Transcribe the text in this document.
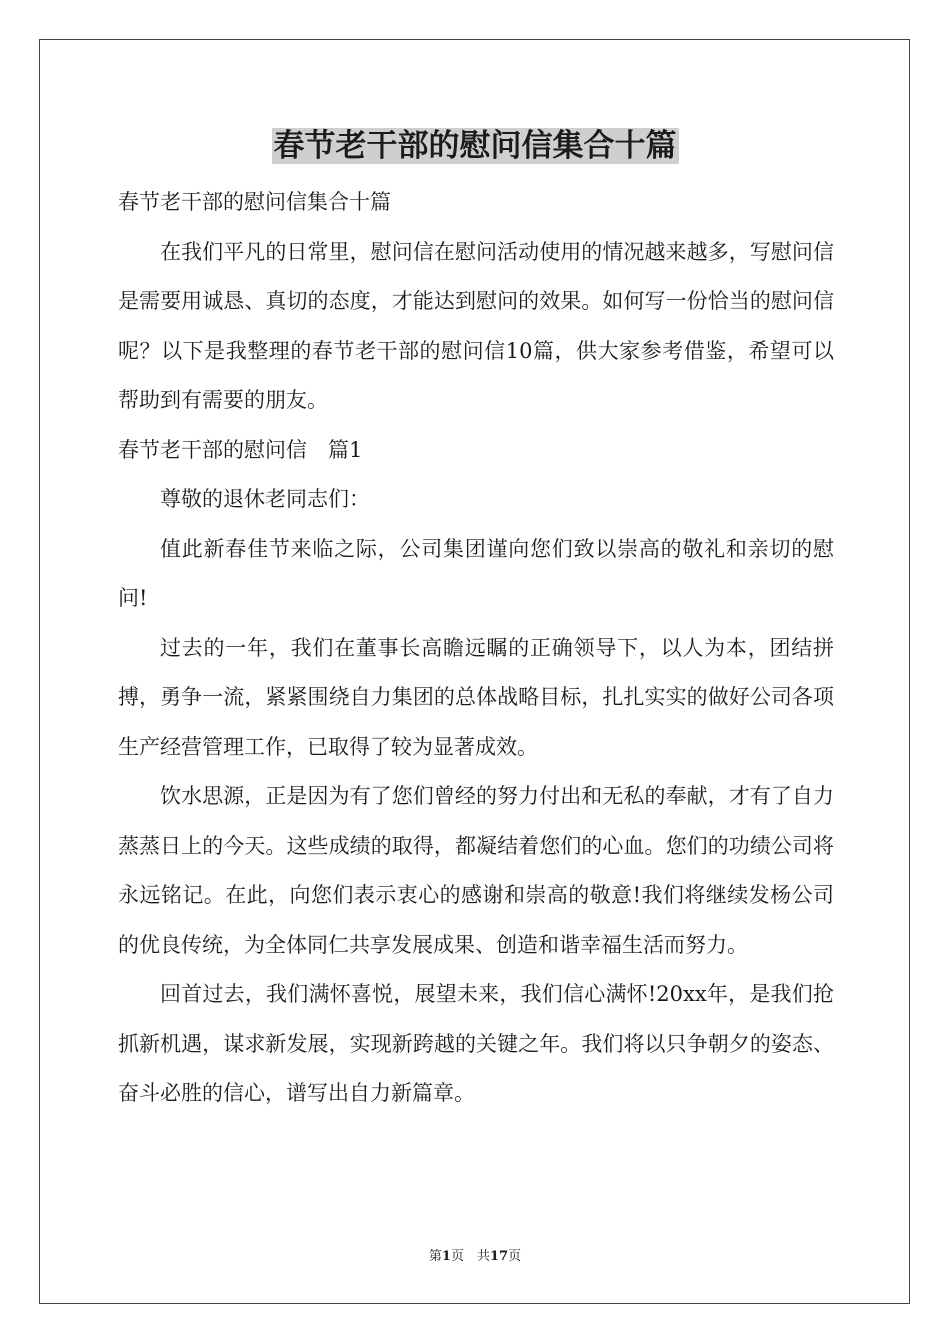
春节老干部的慰问信集合十篇

春节老干部的慰问信集合十篇

在我们平凡的日常里，慰问信在慰问活动使用的情况越来越多，写慰问信是需要用诚恳、真切的态度，才能达到慰问的效果。如何写一份恰当的慰问信呢？以下是我整理的春节老干部的慰问信10篇，供大家参考借鉴，希望可以帮助到有需要的朋友。

春节老干部的慰问信　篇1

尊敬的退休老同志们：

值此新春佳节来临之际，公司集团谨向您们致以崇高的敬礼和亲切的慰问!

过去的一年，我们在董事长高瞻远瞩的正确领导下，以人为本，团结拼搏，勇争一流，紧紧围绕自力集团的总体战略目标，扎扎实实的做好公司各项生产经营管理工作，已取得了较为显著成效。

饮水思源，正是因为有了您们曾经的努力付出和无私的奉献，才有了自力蒸蒸日上的今天。这些成绩的取得，都凝结着您们的心血。您们的功绩公司将永远铭记。在此，向您们表示衷心的感谢和崇高的敬意!我们将继续发杨公司的优良传统，为全体同仁共享发展成果、创造和谐幸福生活而努力。

回首过去，我们满怀喜悦，展望未来，我们信心满怀!20xx年，是我们抢抓新机遇，谋求新发展，实现新跨越的关键之年。我们将以只争朝夕的姿态、奋斗必胜的信心，谱写出自力新篇章。

第1页　共17页
